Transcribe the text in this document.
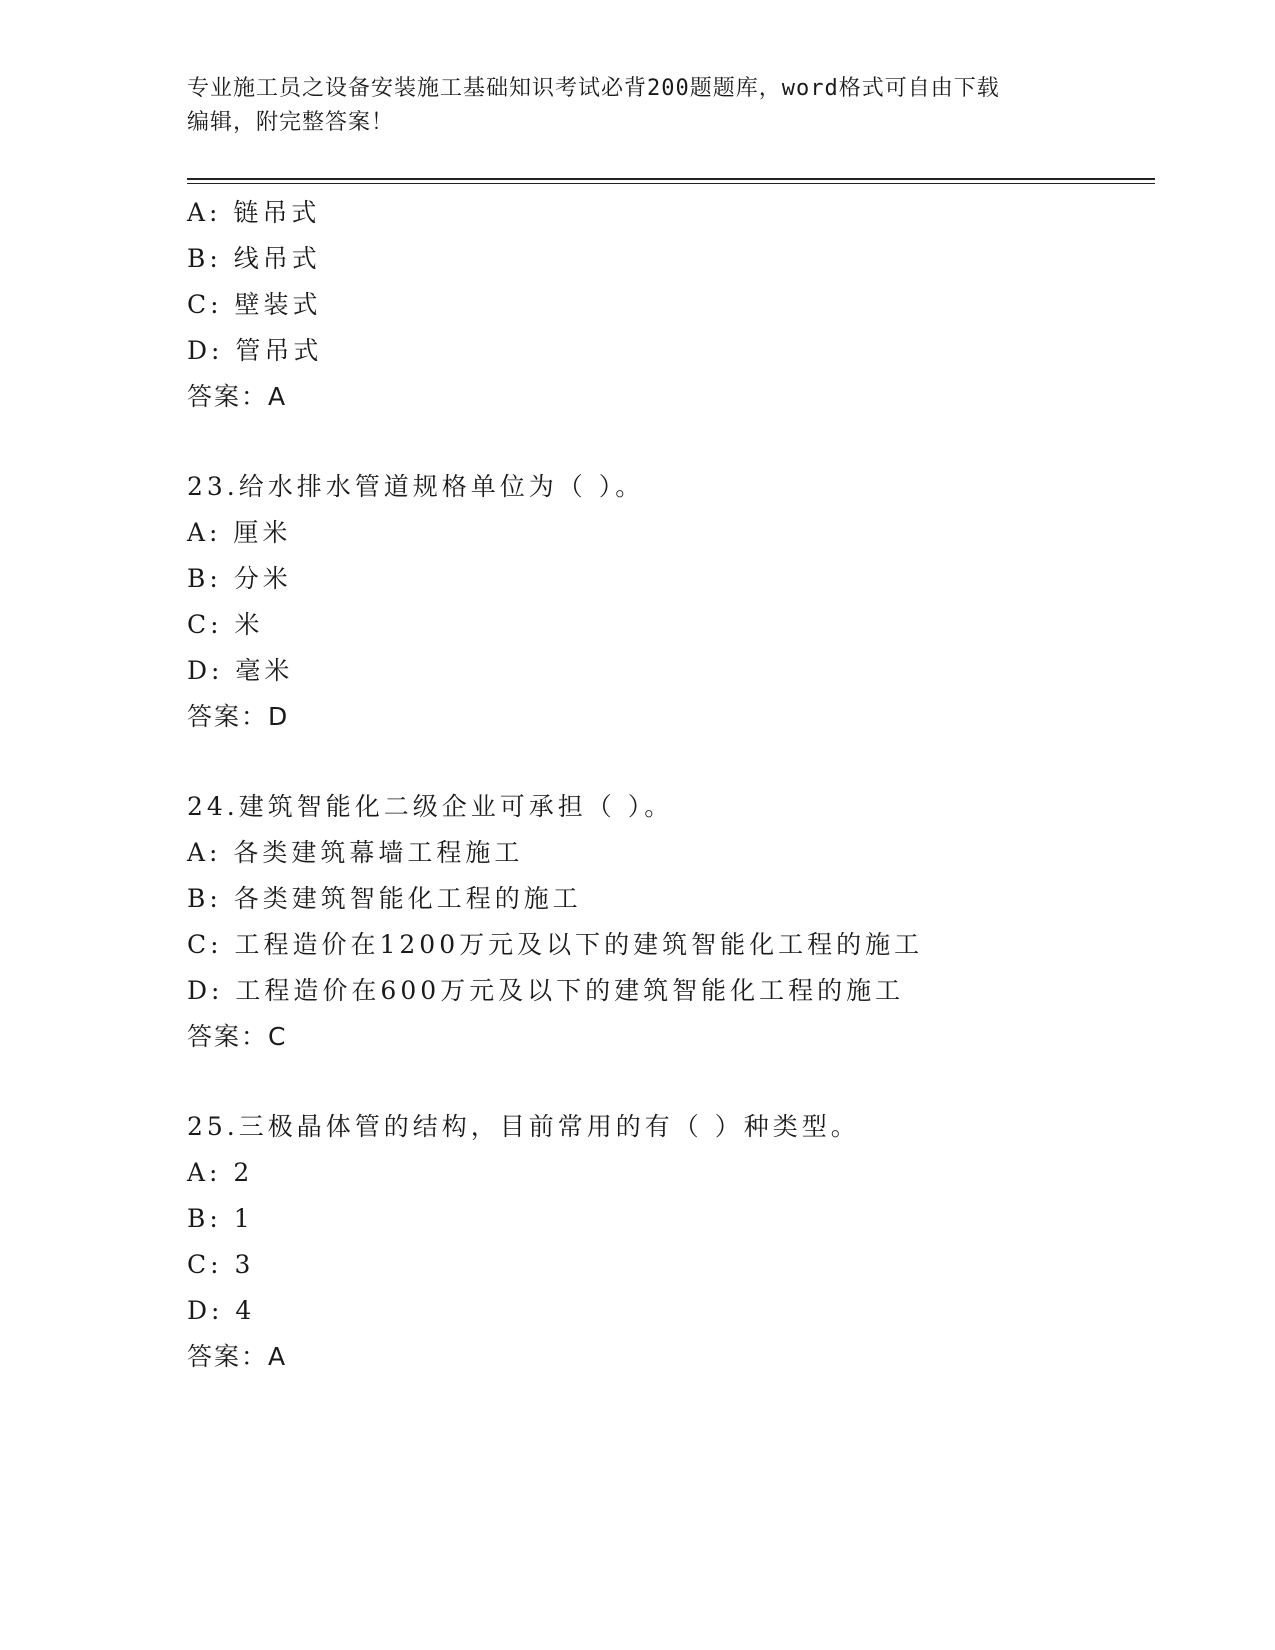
专业施工员之设备安装施工基础知识考试必背200题题库，word格式可自由下载
编辑，附完整答案！
A: 链吊式
B: 线吊式
C: 壁装式
D: 管吊式
答案：A
23.给水排水管道规格单位为（ ）。
A: 厘米
B: 分米
C: 米
D: 毫米
答案：D
24.建筑智能化二级企业可承担（ ）。
A: 各类建筑幕墙工程施工
B: 各类建筑智能化工程的施工
C: 工程造价在1200万元及以下的建筑智能化工程的施工
D: 工程造价在600万元及以下的建筑智能化工程的施工
答案：C
25.三极晶体管的结构，目前常用的有（ ）种类型。
A: 2
B: 1
C: 3
D: 4
答案：A
